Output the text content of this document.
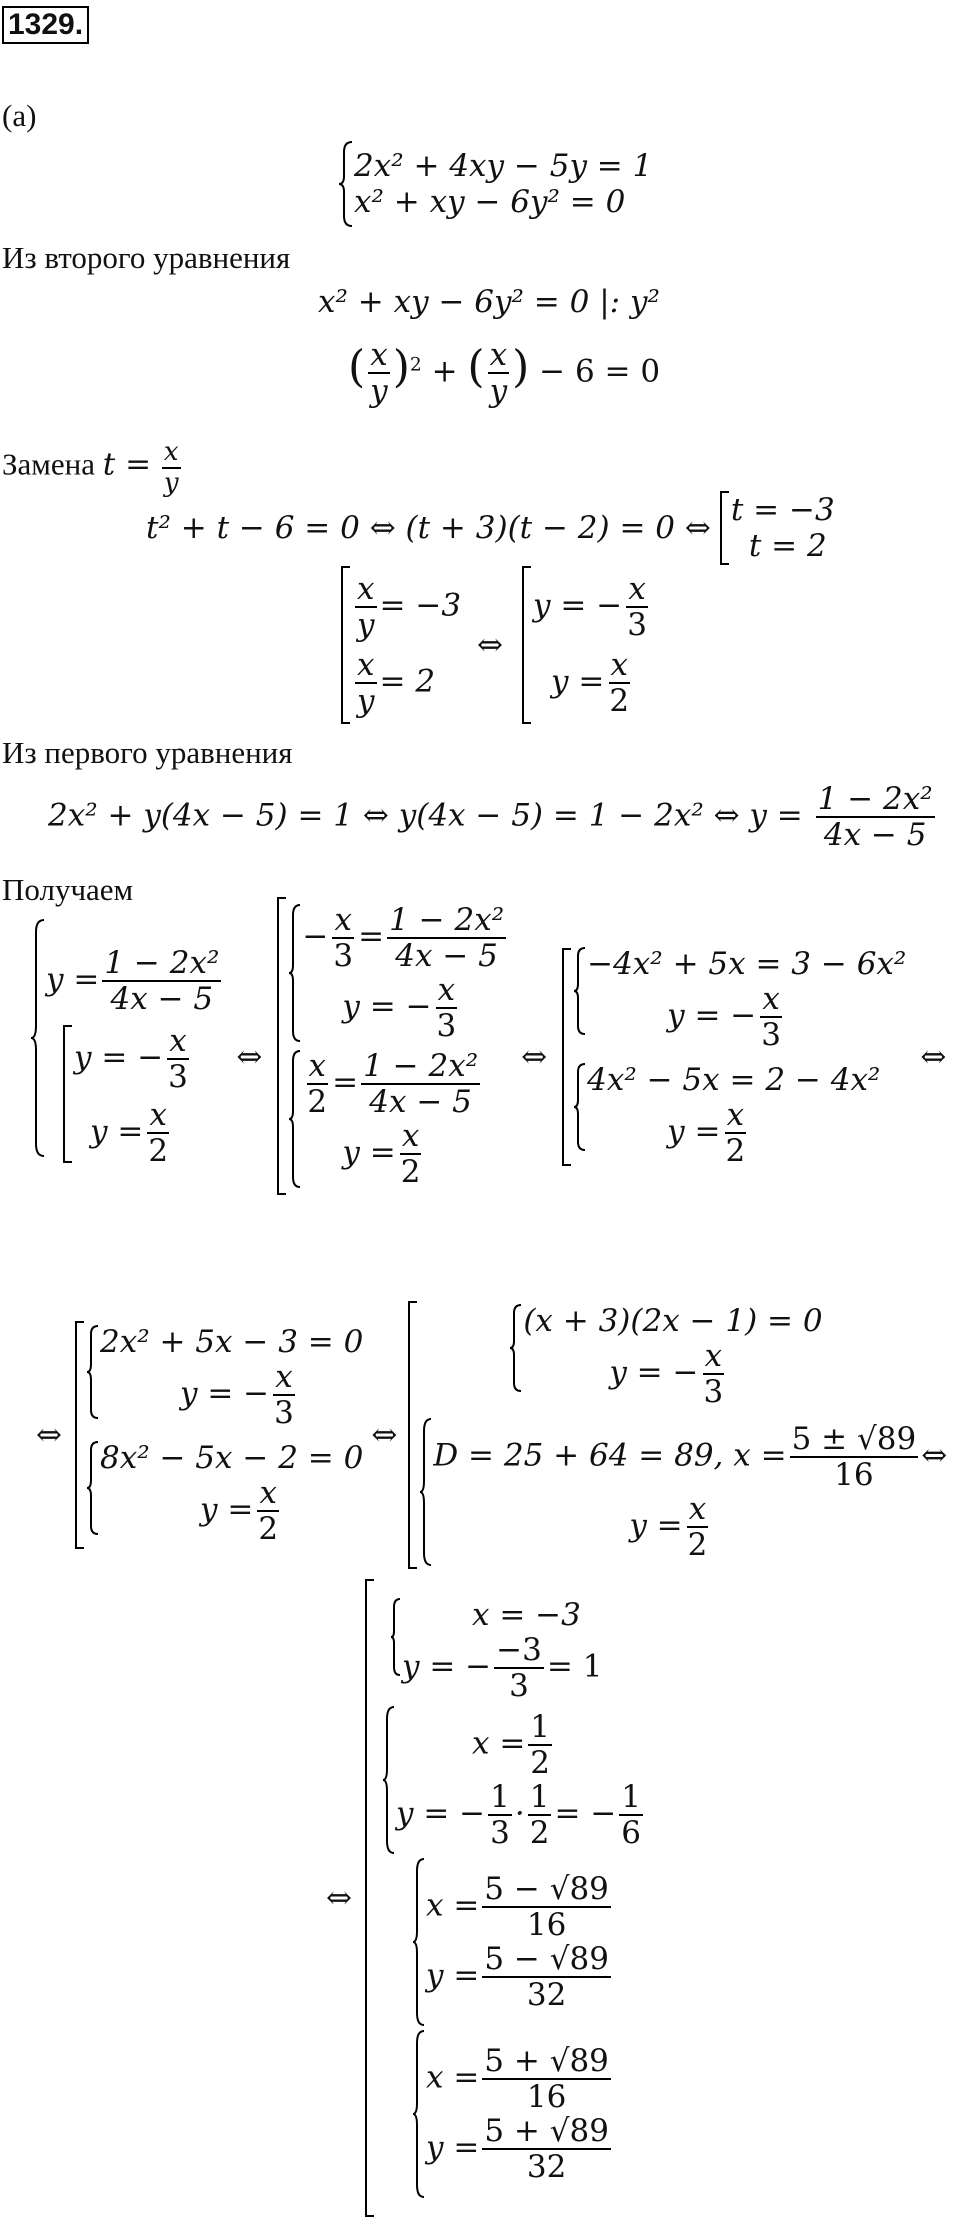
1329.
(a)
2x² + 4xy − 5y = 1
x² + xy − 6y² = 0
Из второго уравнения
x² + xy − 6y² = 0 |: y²
( $\frac{x}{y} )^2$ + ( $\frac{x}{y}$ ) − 6 = 0
Замена $t = \frac{x}{y}$
t² + t − 6 = 0 ⇔ (t + 3)(t − 2) = 0 ⇔ t = −3
t = 2
$\frac{x}{y} = -3$
$\frac{x}{y} = 2$
⇔
y = − $\frac{x}{3}$
$y = \frac{x}{2}$
Из первого уравнения
2x² + y(4x − 5) = 1 ⇔ y(4x − 5) = 1 − 2x² ⇔ $y = \frac{\text{1 − 2x²}}{4x - 5}$
Получаем
$y = \frac{\text{1 − 2x²}}{4x - 5}$
y = − $\frac{x}{3}$
$y = \frac{x}{2}$
⇔
− $\frac{x}{3} = \frac{\text{1 − 2x²}}{4x - 5}$
y = − $\frac{x}{3}$
$\frac{x}{2} = \frac{\text{1 − 2x²}}{4x - 5}$
$y = \frac{x}{2}$
⇔
−4x² + 5x = 3 − 6x²
y = − $\frac{x}{3}$
4x² − 5x = 2 − 4x²
$y = \frac{x}{2}$
⇔
⇔
2x² + 5x − 3 = 0
y = − $\frac{x}{3}$
8x² − 5x − 2 = 0
$y = \frac{x}{2}$
⇔
(x + 3)(2x − 1) = 0
y = − $\frac{x}{3}$
D = 25 + 64 = 89, $x = \frac{5 \pm √89}{16}$ ⇔
$y = \frac{x}{2}$
⇔
x = −3
y = − $\frac{-3}{3} = 1$
$x = \frac{1}{2}$
y = − $\frac{1}{3} \cdot \frac{1}{2}$ = − $\frac{1}{6}$
$x = \frac{5 - √89}{16}$
$y = \frac{5 - √89}{32}$
$x = \frac{5 + √89}{16}$
$y = \frac{5 + √89}{32}$
